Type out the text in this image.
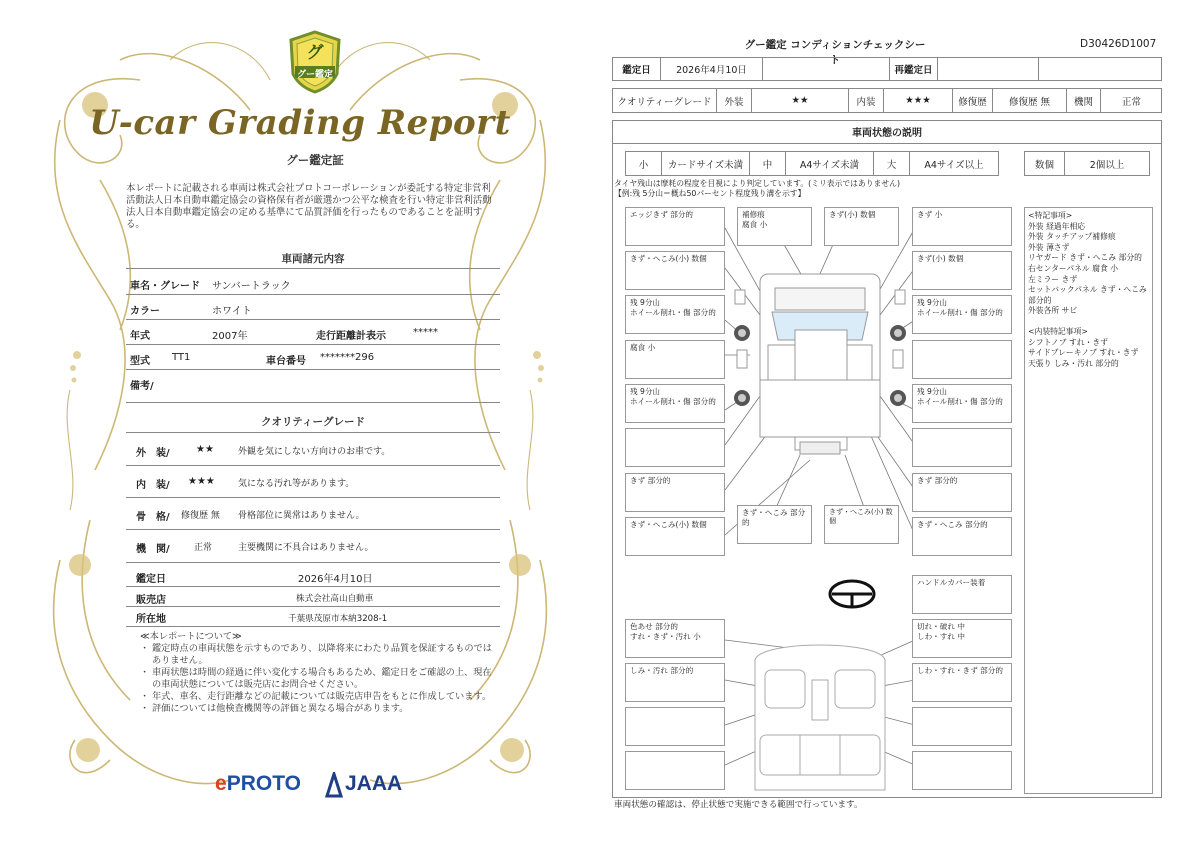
グ
グー鑑定
U-car Grading Report
グー鑑定証
本レポートに記載される車両は株式会社プロトコーポレーションが委託する特定非営利活動法人日本自動車鑑定協会の資格保有者が厳選かつ公平な検査を行い特定非営利活動法人日本自動車鑑定協会の定める基準にて品質評価を行ったものであることを証明する。
車両諸元内容
車名・グレード サンバートラック
カラー	ホワイト
年式	2007年	走行距離計表示	*****
型式 TT1	車台番号 *******296
備考/
クオリティーグレード
外　装/	★★	外観を気にしない方向けのお車です。
内　装/ ★★★	気になる汚れ等があります。
骨　格/ 修復歴 無 骨格部位に異常はありません。
機　関/	正常	主要機関に不具合はありません。
鑑定日	2026年4月10日
販売店	株式会社高山自動車
所在地	千葉県茂原市本納3208-1
≪本レポートについて≫
・ 鑑定時点の車両状態を示すものであり、以降将来にわたり品質を保証するものではありません。
・ 車両状態は時間の経過に伴い変化する場合もあるため、鑑定日をご確認の上、現在の車両状態については販売店にお問合せください。
・ 年式、車名、走行距離などの記載については販売店申告をもとに作成しています。
・ 評価については他検査機関等の評価と異なる場合があります。
ePROTO JAAA
グー鑑定 コンディションチェックシート
D30426D1007
鑑定日	2026年4月10日	再鑑定日
クオリティーグレード	外装	★★	内装	★★★	修復歴	修復歴 無	機関	正常
車両状態の説明
小	カードサイズ未満	中	A4サイズ未満	大	A4サイズ以上	数個	2個以上
タイヤ残山は摩耗の程度を目視により判定しています。(ミリ表示ではありません)
【例:残 5分山＝概ね50パーセント程度残り溝を示す】
エッジきず 部分的	補修痕
腐食 小
きず(小) 数個	きず 小
きず・へこみ(小) 数個	きず(小) 数個
残 9分山
ホイール削れ・傷 部分的
残 9分山
ホイール削れ・傷 部分的
腐食 小
残 9分山
ホイール削れ・傷 部分的
残 9分山
ホイール削れ・傷 部分的
きず 部分的	きず 部分的
きず・へこみ(小) 数個
きず・へこみ 部分的
きず・へこみ(小) 数個	きず・へこみ 部分的
ハンドルカバー装着
色あせ 部分的
すれ・きず・汚れ 小
切れ・破れ 中
しわ・すれ 中
しみ・汚れ 部分的	しわ・すれ・きず 部分的
<特記事項>
外装 経過年相応
外装 タッチアップ補修痕
外装 薄さず
リヤガード きず・へこみ 部分的
右センターパネル 腐食 小
左ミラー きず
セットバックパネル きず・へこみ
部分的
外装各所 サビ
<内装特記事項>
シフトノブ すれ・きず
サイドブレーキノブ すれ・きず
天張り しみ・汚れ 部分的
車両状態の確認は、停止状態で実施できる範囲で行っています。
